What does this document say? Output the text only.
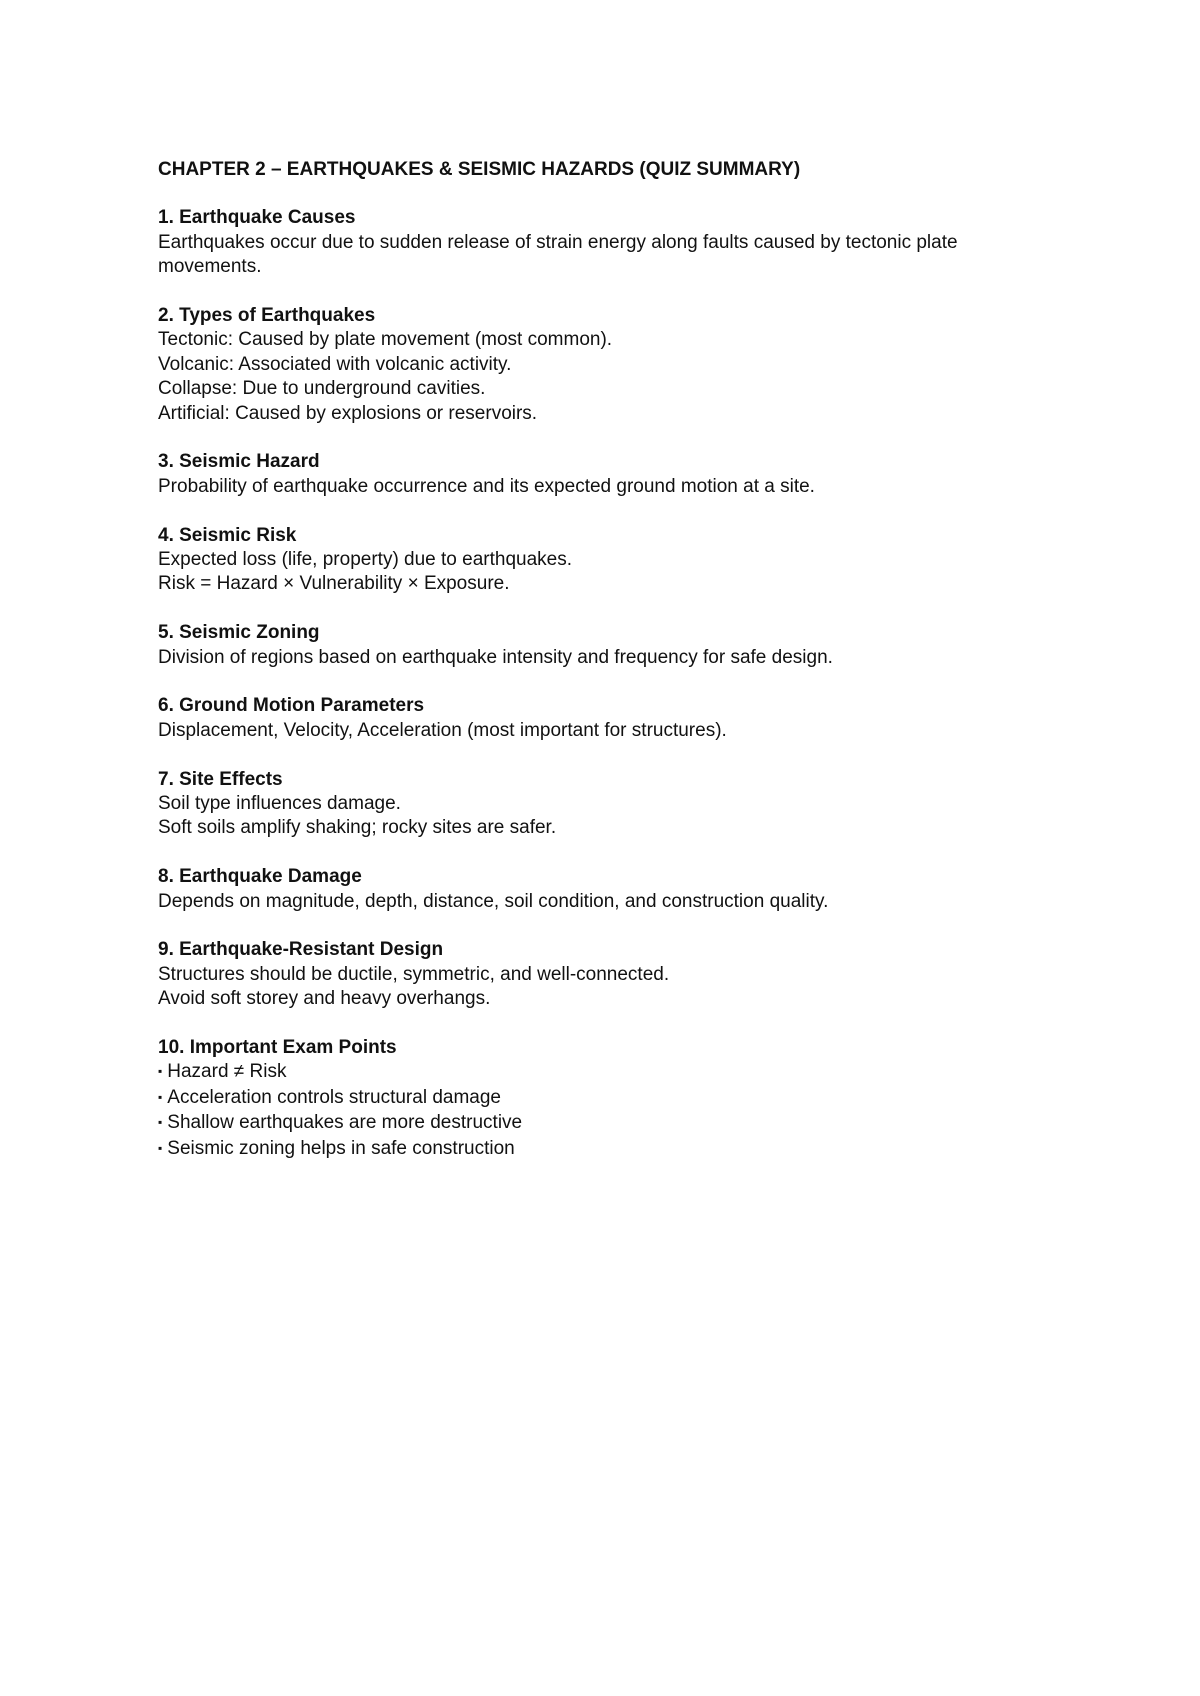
CHAPTER 2 – EARTHQUAKES & SEISMIC HAZARDS (QUIZ SUMMARY)
1. Earthquake Causes
Earthquakes occur due to sudden release of strain energy along faults caused by tectonic plate
movements.
2. Types of Earthquakes
Tectonic: Caused by plate movement (most common).
Volcanic: Associated with volcanic activity.
Collapse: Due to underground cavities.
Artificial: Caused by explosions or reservoirs.
3. Seismic Hazard
Probability of earthquake occurrence and its expected ground motion at a site.
4. Seismic Risk
Expected loss (life, property) due to earthquakes.
Risk = Hazard × Vulnerability × Exposure.
5. Seismic Zoning
Division of regions based on earthquake intensity and frequency for safe design.
6. Ground Motion Parameters
Displacement, Velocity, Acceleration (most important for structures).
7. Site Effects
Soil type influences damage.
Soft soils amplify shaking; rocky sites are safer.
8. Earthquake Damage
Depends on magnitude, depth, distance, soil condition, and construction quality.
9. Earthquake-Resistant Design
Structures should be ductile, symmetric, and well-connected.
Avoid soft storey and heavy overhangs.
10. Important Exam Points
▪ Hazard ≠ Risk
▪ Acceleration controls structural damage
▪ Shallow earthquakes are more destructive
▪ Seismic zoning helps in safe construction
